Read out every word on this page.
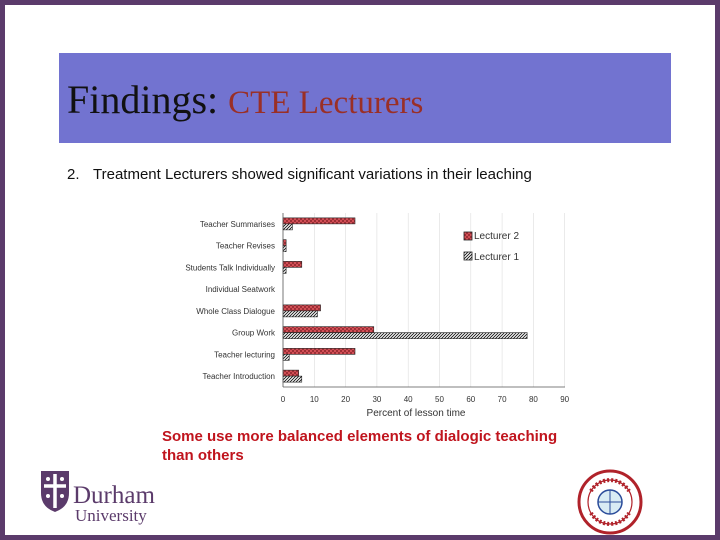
Findings: CTE Lecturers
2. Treatment Lecturers showed significant variations in their leaching
Teacher Summarises
Teacher Revises
Students Talk Individually
Individual Seatwork
Whole Class Dialogue
Group Work
Teacher lecturing
Teacher Introduction
0	10	20	30	40	50	60	70	80	90
Percent of lesson time
Lecturer 2
Lecturer 1
Some use more balanced elements of dialogic teaching than others
Durham
University
